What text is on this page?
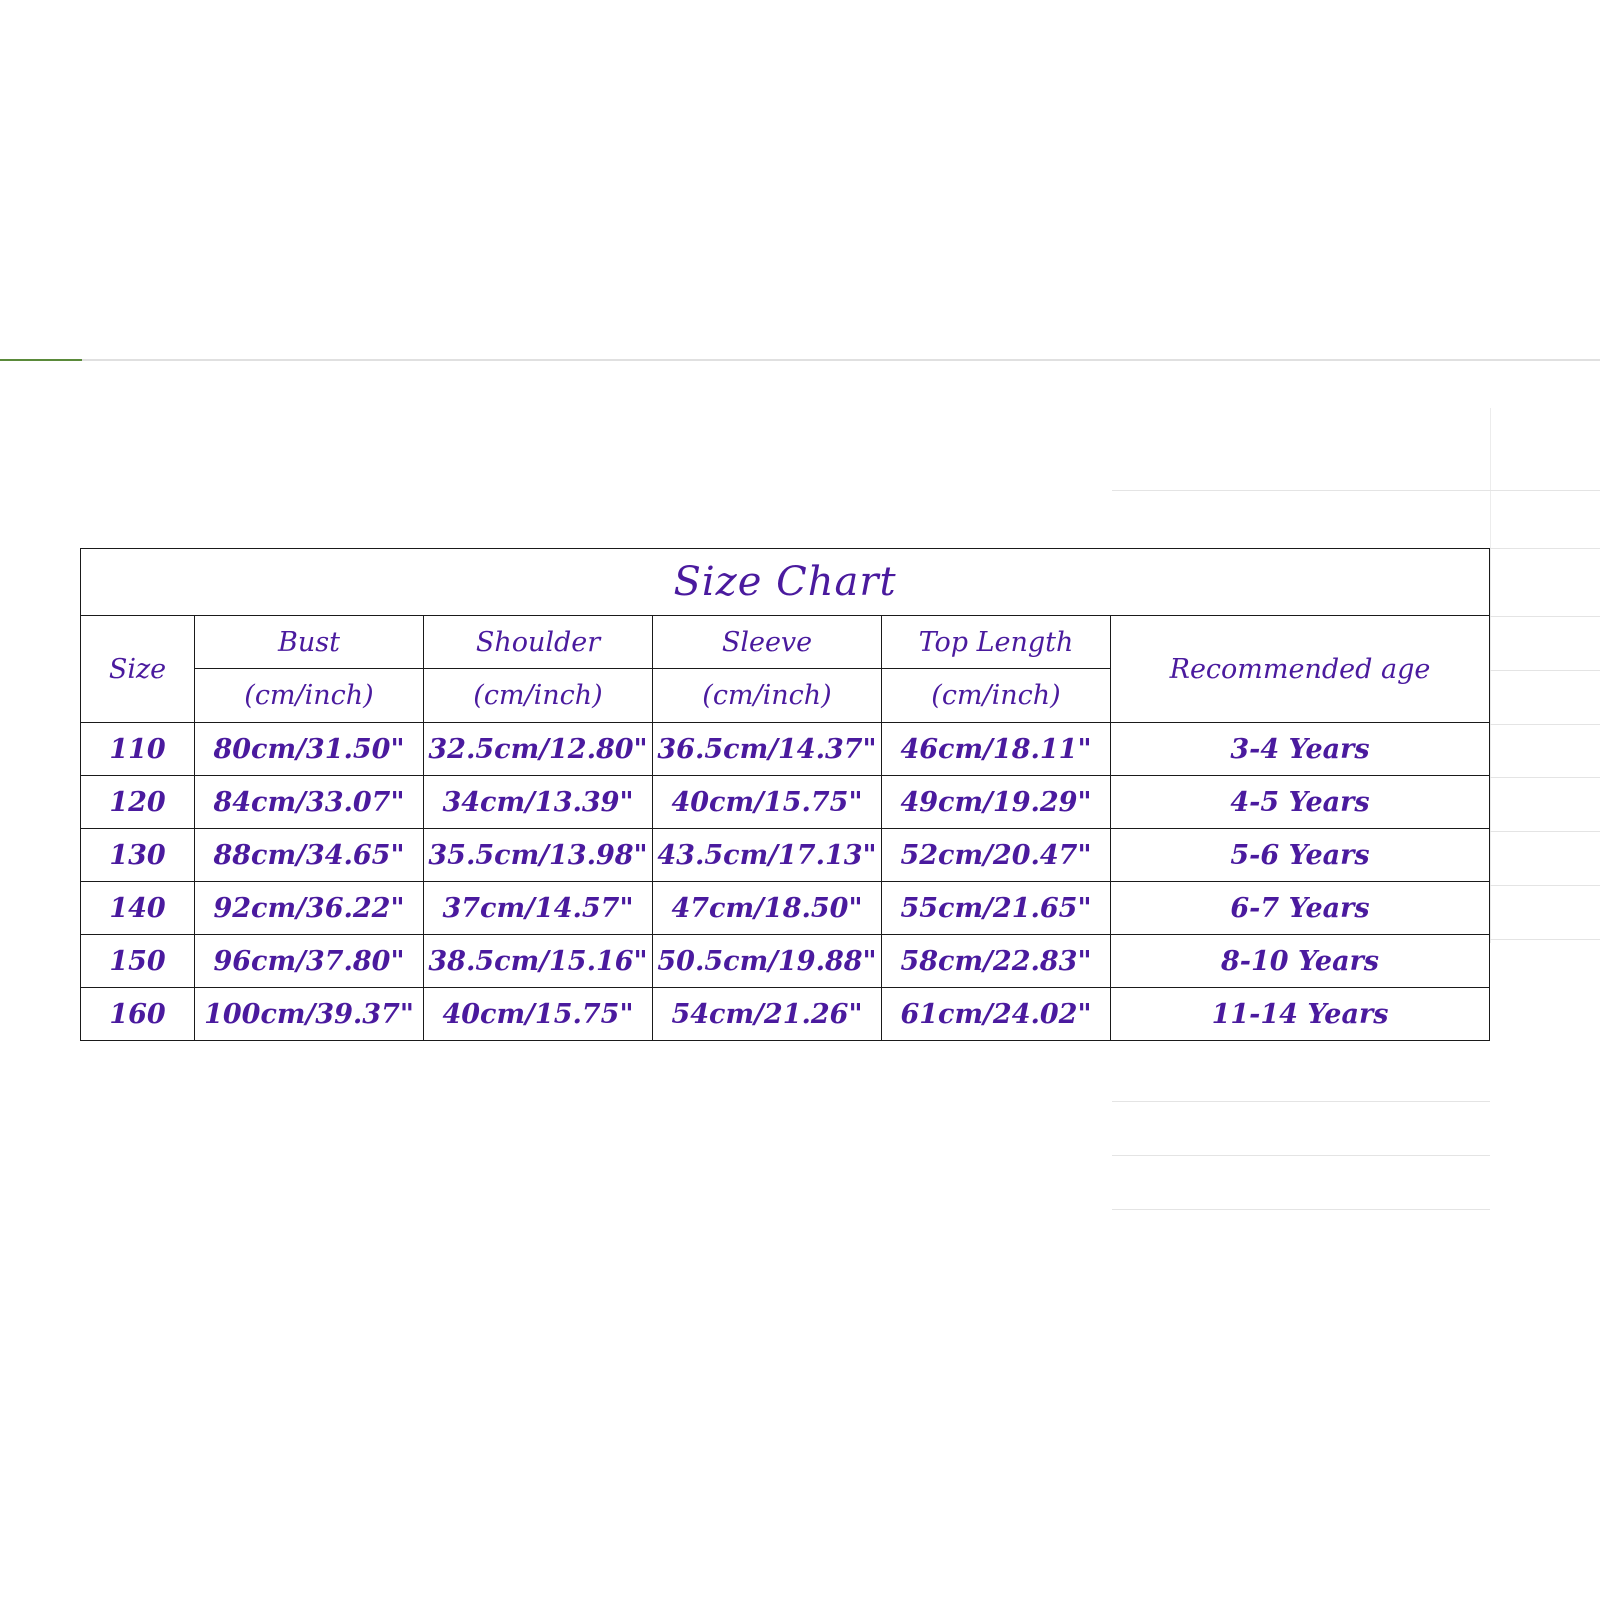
Size Chart					
Size	Bust	Shoulder	Sleeve	Top Length	Recommended age
	(cm/inch)	(cm/inch)	(cm/inch)	(cm/inch)	
110	80cm/31.50"	32.5cm/12.80"	36.5cm/14.37"	46cm/18.11"	3-4 Years
120	84cm/33.07"	34cm/13.39"	40cm/15.75"	49cm/19.29"	4-5 Years
130	88cm/34.65"	35.5cm/13.98"	43.5cm/17.13"	52cm/20.47"	5-6 Years
140	92cm/36.22"	37cm/14.57"	47cm/18.50"	55cm/21.65"	6-7 Years
150	96cm/37.80"	38.5cm/15.16"	50.5cm/19.88"	58cm/22.83"	8-10 Years
160	100cm/39.37"	40cm/15.75"	54cm/21.26"	61cm/24.02"	11-14 Years
